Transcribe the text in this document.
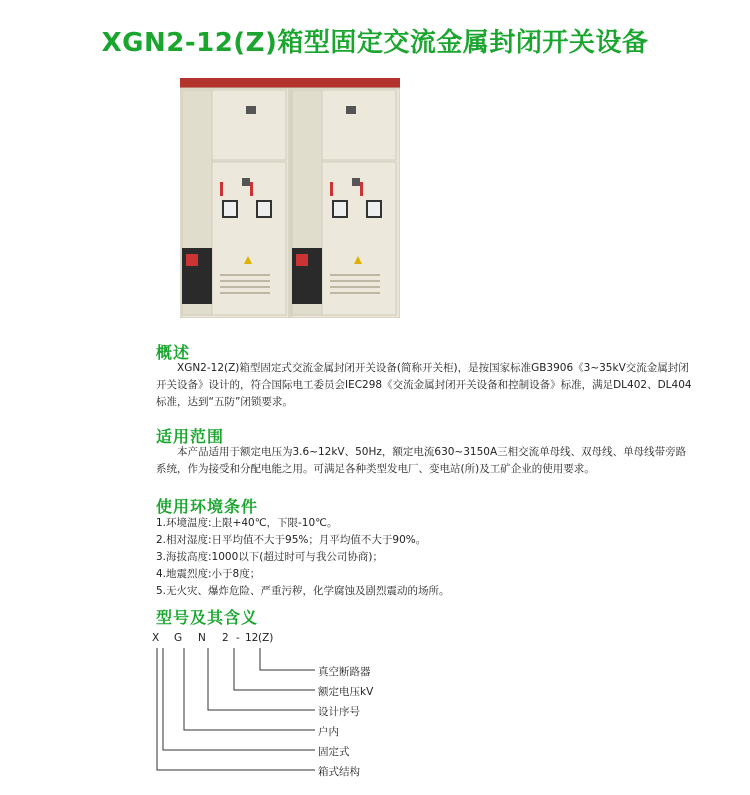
XGN2-12(Z)箱型固定交流金属封闭开关设备
概述
XGN2-12(Z)箱型固定式交流金属封闭开关设备(简称开关柜)，是按国家标准GB3906《3~35kV交流金属封闭开关设备》设计的，符合国际电工委员会IEC298《交流金属封闭开关设备和控制设备》标准，满足DL402、DL404标准，达到“五防”闭锁要求。
适用范围
本产品适用于额定电压为3.6~12kV、50Hz，额定电流630~3150A三相交流单母线、双母线、单母线带旁路系统，作为接受和分配电能之用。可满足各种类型发电厂、变电站(所)及工矿企业的使用要求。
使用环境条件
1.环境温度:上限+40℃，下限-10℃。
2.相对湿度:日平均值不大于95%；月平均值不大于90%。
3.海拔高度:1000以下(超过时可与我公司协商)；
4.地震烈度:小于8度；
5.无火灾、爆炸危险、严重污秽，化学腐蚀及剧烈震动的场所。
型号及其含义
X G N 2 - 12 (Z)
真空断路器
额定电压kV
设计序号
户内
固定式
箱式结构
